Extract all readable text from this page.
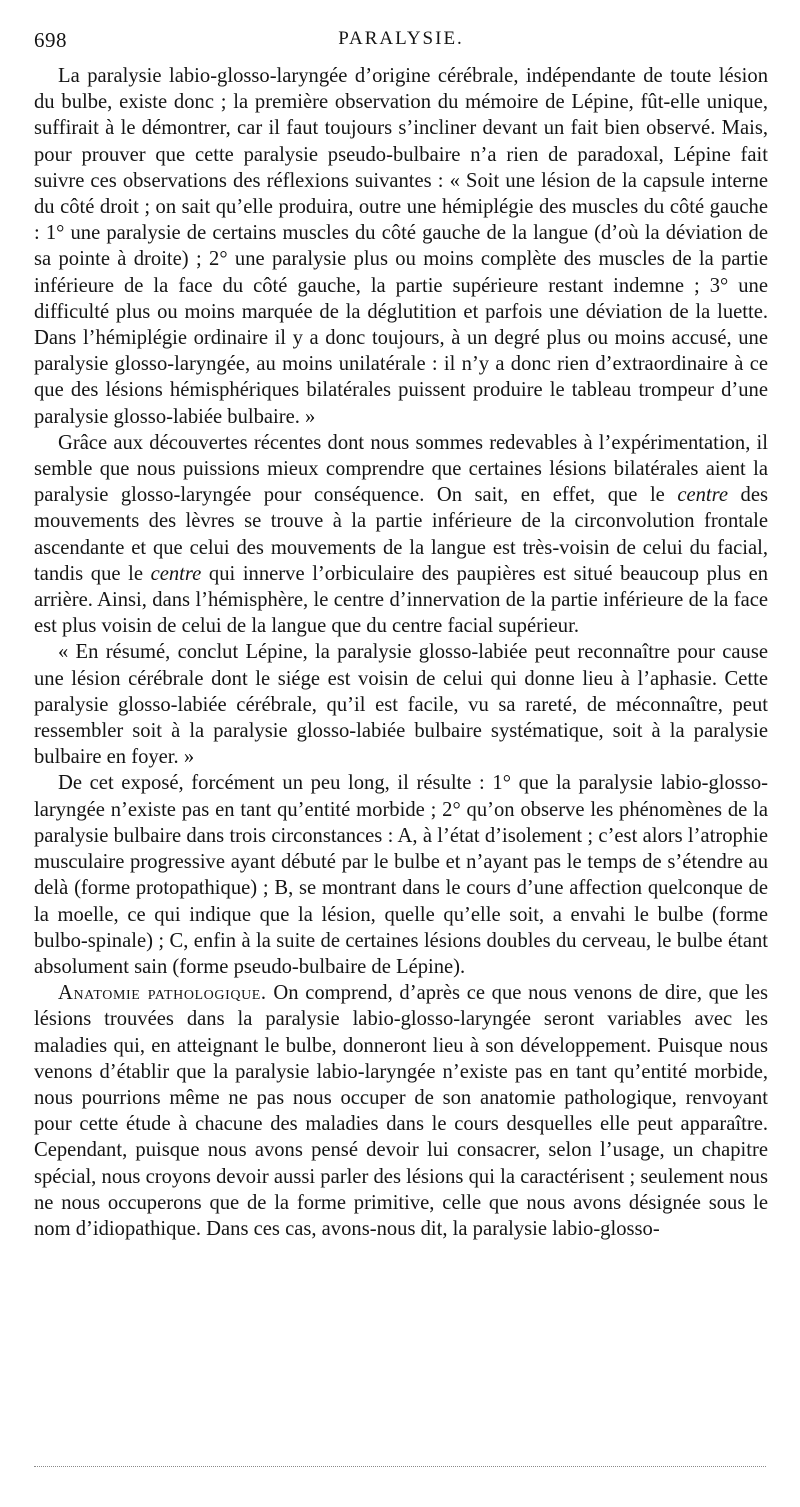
698	PARALYSIE.

La paralysie labio-glosso-laryngée d’origine cérébrale, indépendante de toute lésion du bulbe, existe donc ; la première observation du mémoire de Lépine, fût-elle unique, suffirait à le démontrer, car il faut toujours s’incliner devant un fait bien observé. Mais, pour prouver que cette paralysie pseudo-bulbaire n’a rien de paradoxal, Lépine fait suivre ces observations des réflexions suivantes : « Soit une lésion de la capsule interne du côté droit ; on sait qu’elle produira, outre une hémiplégie des muscles du côté gauche : 1° une paralysie de certains muscles du côté gauche de la langue (d’où la déviation de sa pointe à droite) ; 2° une paralysie plus ou moins complète des muscles de la partie inférieure de la face du côté gauche, la partie supérieure restant indemne ; 3° une difficulté plus ou moins marquée de la déglutition et parfois une déviation de la luette. Dans l’hémiplégie ordinaire il y a donc toujours, à un degré plus ou moins accusé, une paralysie glosso-laryngée, au moins unilatérale : il n’y a donc rien d’extraordinaire à ce que des lésions hémisphériques bilatérales puissent produire le tableau trompeur d’une paralysie glosso-labiée bulbaire. »

Grâce aux découvertes récentes dont nous sommes redevables à l’expérimentation, il semble que nous puissions mieux comprendre que certaines lésions bilatérales aient la paralysie glosso-laryngée pour conséquence. On sait, en effet, que le centre des mouvements des lèvres se trouve à la partie inférieure de la circonvolution frontale ascendante et que celui des mouvements de la langue est très-voisin de celui du facial, tandis que le centre qui innerve l’orbiculaire des paupières est situé beaucoup plus en arrière. Ainsi, dans l’hémisphère, le centre d’innervation de la partie inférieure de la face est plus voisin de celui de la langue que du centre facial supérieur.

« En résumé, conclut Lépine, la paralysie glosso-labiée peut reconnaître pour cause une lésion cérébrale dont le siége est voisin de celui qui donne lieu à l’aphasie. Cette paralysie glosso-labiée cérébrale, qu’il est facile, vu sa rareté, de méconnaître, peut ressembler soit à la paralysie glosso-labiée bulbaire systématique, soit à la paralysie bulbaire en foyer. »

De cet exposé, forcément un peu long, il résulte : 1° que la paralysie labio-glosso-laryngée n’existe pas en tant qu’entité morbide ; 2° qu’on observe les phénomènes de la paralysie bulbaire dans trois circonstances : A, à l’état d’isolement ; c’est alors l’atrophie musculaire progressive ayant débuté par le bulbe et n’ayant pas le temps de s’étendre au delà (forme protopathique) ; B, se montrant dans le cours d’une affection quelconque de la moelle, ce qui indique que la lésion, quelle qu’elle soit, a envahi le bulbe (forme bulbo-spinale) ; C, enfin à la suite de certaines lésions doubles du cerveau, le bulbe étant absolument sain (forme pseudo-bulbaire de Lépine).

Anatomie pathologique. On comprend, d’après ce que nous venons de dire, que les lésions trouvées dans la paralysie labio-glosso-laryngée seront variables avec les maladies qui, en atteignant le bulbe, donneront lieu à son développement. Puisque nous venons d’établir que la paralysie labio-laryngée n’existe pas en tant qu’entité morbide, nous pourrions même ne pas nous occuper de son anatomie pathologique, renvoyant pour cette étude à chacune des maladies dans le cours desquelles elle peut apparaître. Cependant, puisque nous avons pensé devoir lui consacrer, selon l’usage, un chapitre spécial, nous croyons devoir aussi parler des lésions qui la caractérisent ; seulement nous ne nous occuperons que de la forme primitive, celle que nous avons désignée sous le nom d’idiopathique. Dans ces cas, avons-nous dit, la paralysie labio-glosso-
